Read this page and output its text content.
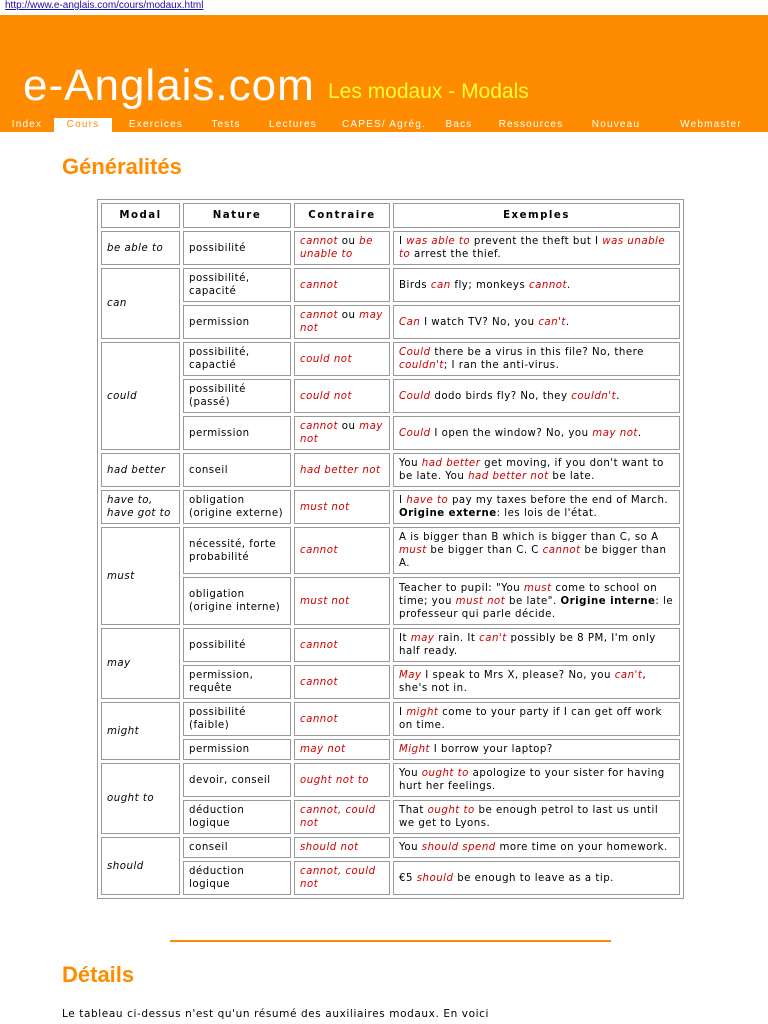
http://www.e-anglais.com/cours/modaux.html
e-Anglais.com Les modaux - Modals
Index	Cours	Exercices	Tests	Lectures	CAPES/ Agrég.	Bacs	Ressources	Nouveau	Webmaster
Généralités
Modal	Nature	Contraire	Exemples
be able to	possibilité	cannot ou be unable to	I was able to prevent the theft but I was unable to arrest the thief.
can	possibilité, capacité	cannot	Birds can fly; monkeys cannot.
	permission	cannot ou may not	Can I watch TV? No, you can't.
could	possibilité, capactié	could not	Could there be a virus in this file? No, there couldn't; I ran the anti-virus.
	possibilité (passé)	could not	Could dodo birds fly? No, they couldn't.
	permission	cannot ou may not	Could I open the window? No, you may not.
had better	conseil	had better not	You had better get moving, if you don't want to be late. You had better not be late.
have to, have got to	obligation (origine externe)	must not	I have to pay my taxes before the end of March. Origine externe: les lois de l'état.
must	nécessité, forte probabilité	cannot	A is bigger than B which is bigger than C, so A must be bigger than C. C cannot be bigger than A.
	obligation (origine interne)	must not	Teacher to pupil: "You must come to school on time; you must not be late". Origine interne: le professeur qui parle décide.
may	possibilité	cannot	It may rain. It can't possibly be 8 PM, I'm only half ready.
	permission, requête	cannot	May I speak to Mrs X, please? No, you can't, she's not in.
might	possibilité (faible)	cannot	I might come to your party if I can get off work on time.
	permission	may not	Might I borrow your laptop?
ought to	devoir, conseil	ought not to	You ought to apologize to your sister for having hurt her feelings.
	déduction logique	cannot, could not	That ought to be enough petrol to last us until we get to Lyons.
should	conseil	should not	You should spend more time on your homework.
	déduction logique	cannot, could not	€5 should be enough to leave as a tip.
Détails
Le tableau ci-dessus n'est qu'un résumé des auxiliaires modaux. En voici
